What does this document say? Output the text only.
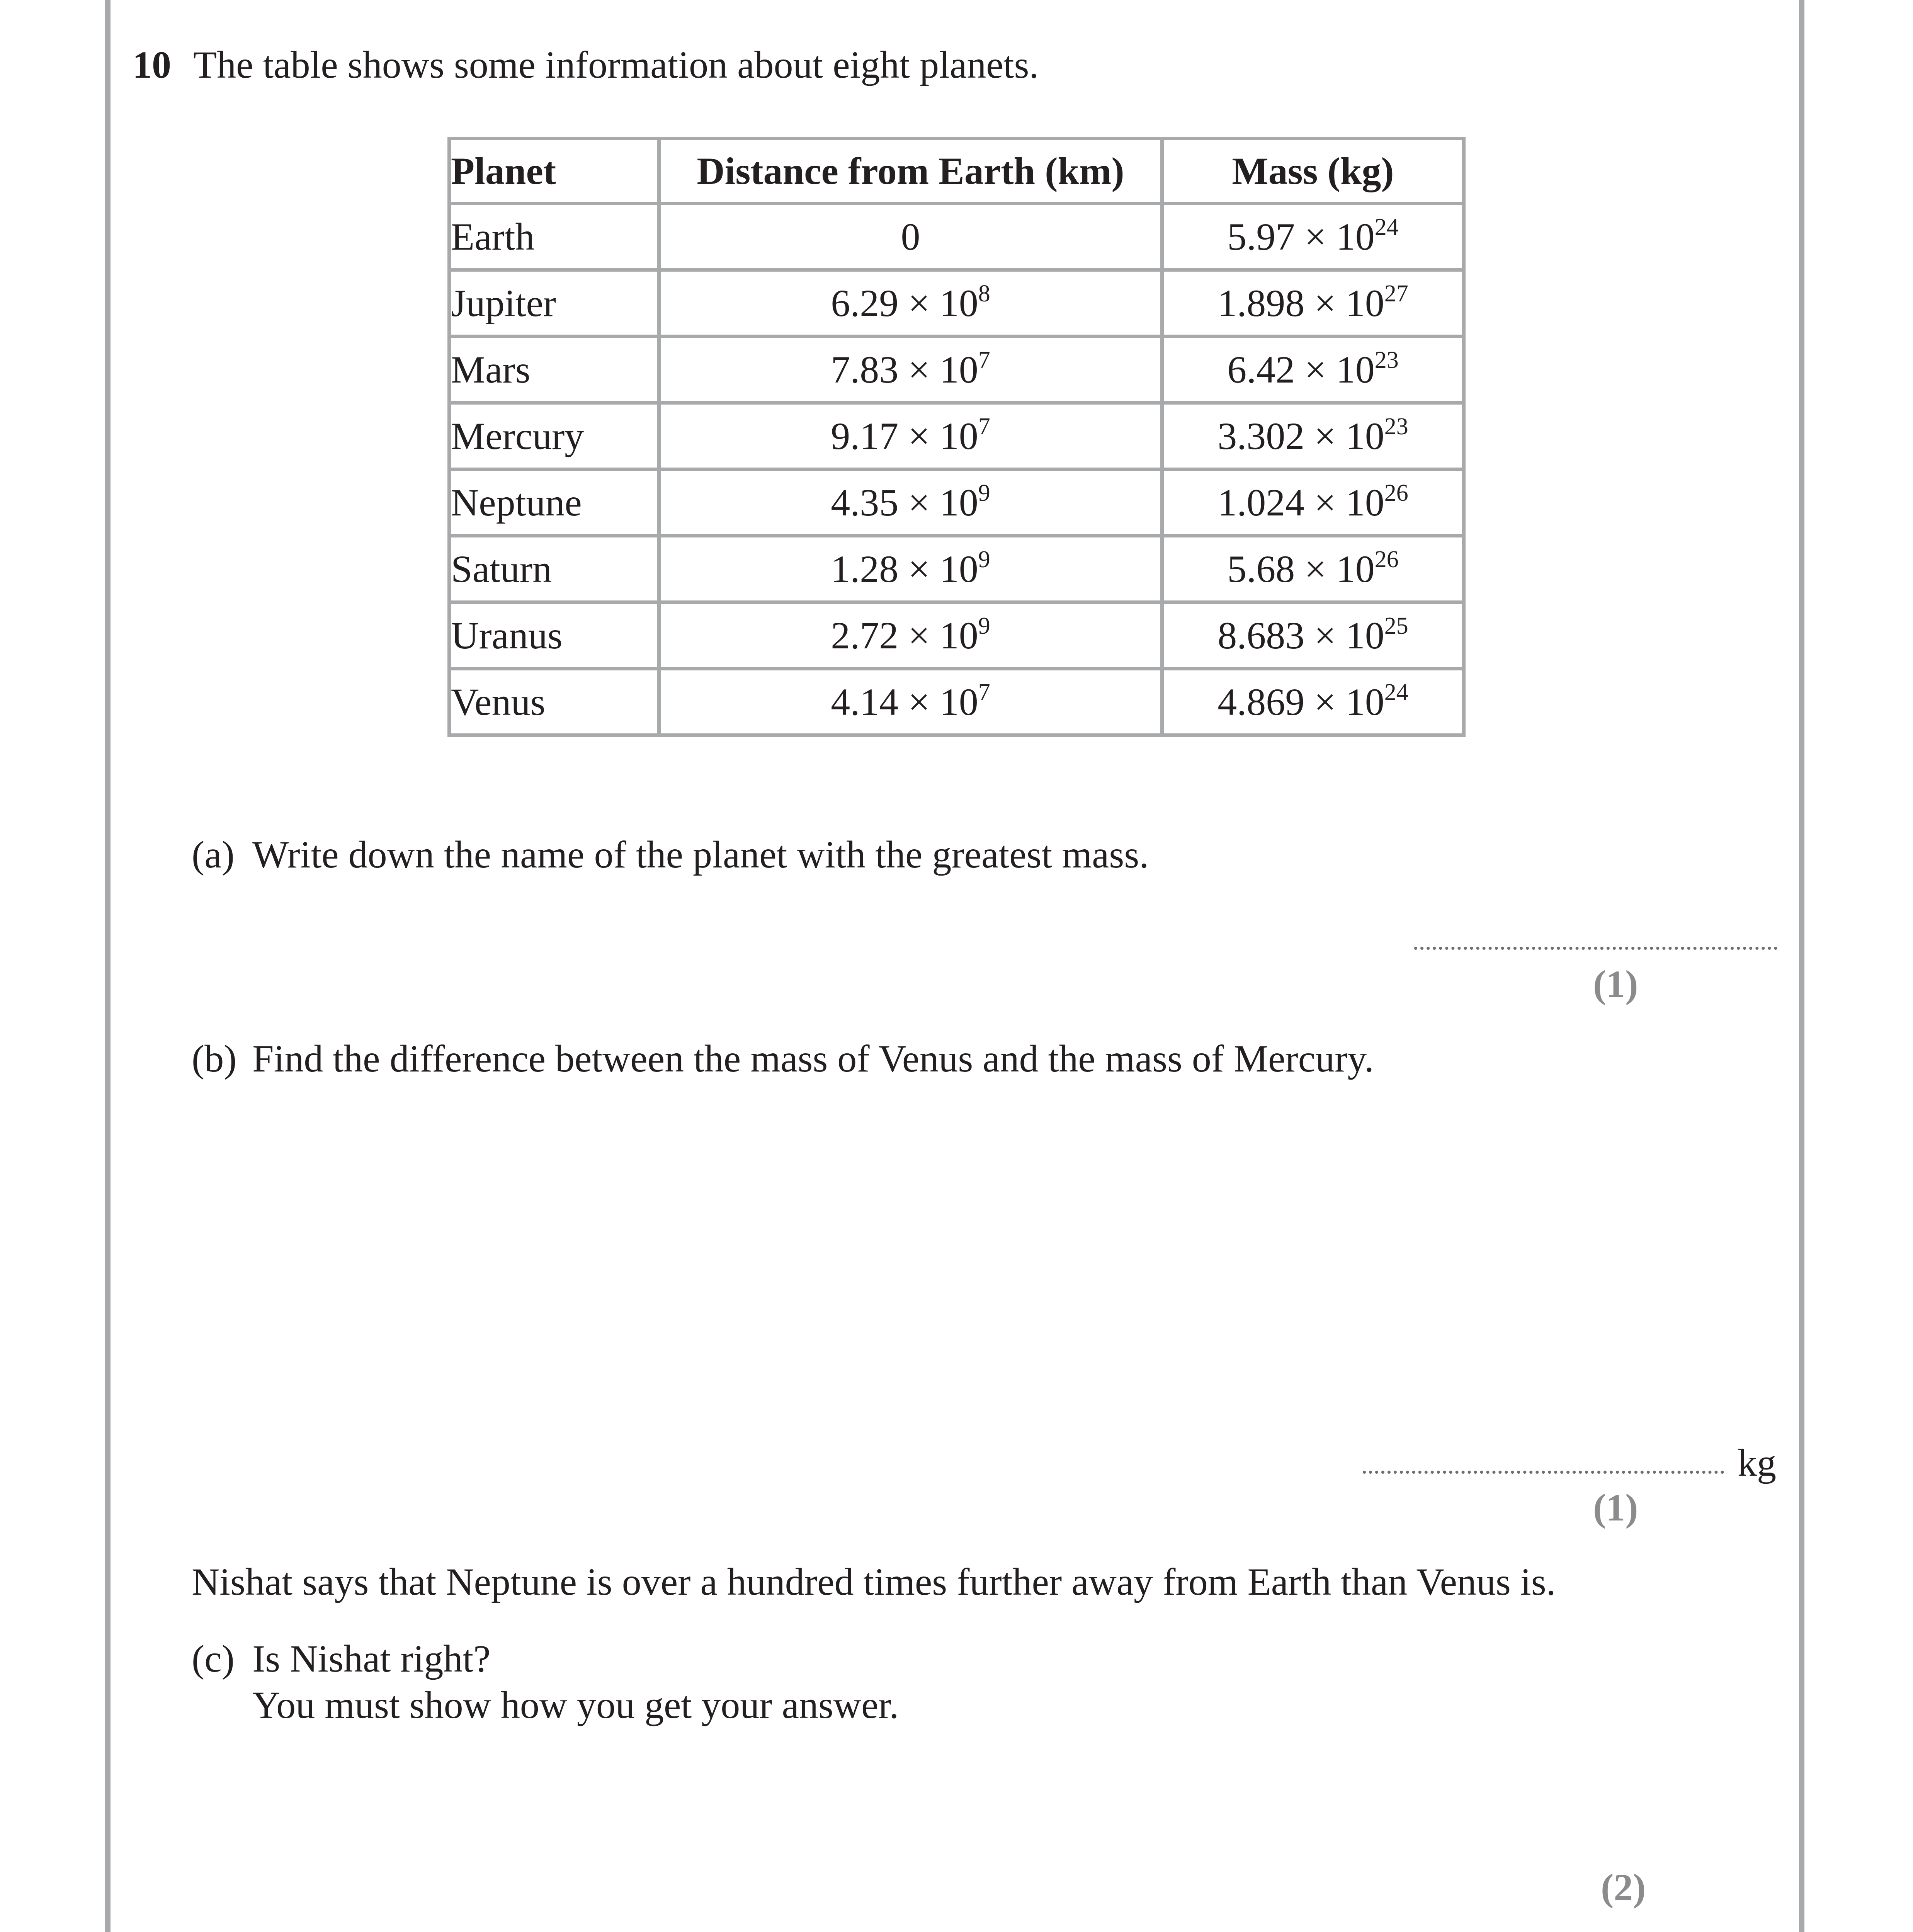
10 The table shows some information about eight planets.
Planet	Distance from Earth (km)	Mass (kg)
Earth	0	$5.97 \times 10^{24}$
Jupiter	$6.29 \times 10^8$	$1.898 \times 10^{27}$
Mars	$7.83 \times 10^7$	$6.42 \times 10^{23}$
Mercury	$9.17 \times 10^7$	$3.302 \times 10^{23}$
Neptune	$4.35 \times 10^9$	$1.024 \times 10^{26}$
Saturn	$1.28 \times 10^9$	$5.68 \times 10^{26}$
Uranus	$2.72 \times 10^9$	$8.683 \times 10^{25}$
Venus	$4.14 \times 10^7$	$4.869 \times 10^{24}$
(a) Write down the name of the planet with the greatest mass.
(1)
(b) Find the difference between the mass of Venus and the mass of Mercury.
kg
(1)
Nishat says that Neptune is over a hundred times further away from Earth than Venus is.
(c) Is Nishat right?
You must show how you get your answer.
(2)
